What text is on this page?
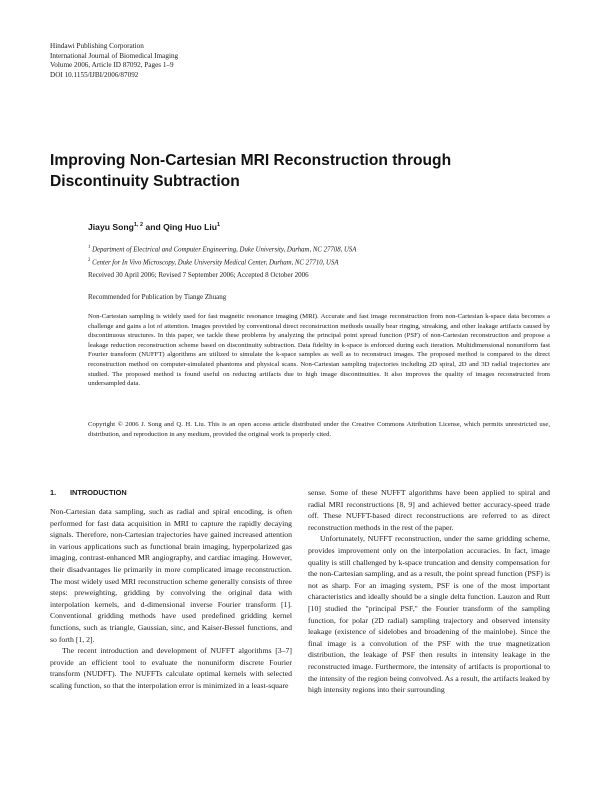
Hindawi Publishing Corporation
International Journal of Biomedical Imaging
Volume 2006, Article ID 87092, Pages 1–9
DOI 10.1155/IJBI/2006/87092
Improving Non-Cartesian MRI Reconstruction through Discontinuity Subtraction
Jiayu Song$^{1, 2}$ and Qing Huo Liu$^1$
$^1$ Department of Electrical and Computer Engineering, Duke University, Durham, NC 27708, USA
$^2$ Center for In Vivo Microscopy, Duke University Medical Center, Durham, NC 27710, USA
Received 30 April 2006; Revised 7 September 2006; Accepted 8 October 2006
Recommended for Publication by Tiange Zhuang
Non-Cartesian sampling is widely used for fast magnetic resonance imaging (MRI). Accurate and fast image reconstruction from non-Cartesian k-space data becomes a challenge and gains a lot of attention. Images provided by conventional direct reconstruction methods usually bear ringing, streaking, and other leakage artifacts caused by discontinuous structures. In this paper, we tackle these problems by analyzing the principal point spread function (PSF) of non-Cartesian reconstruction and propose a leakage reduction reconstruction scheme based on discontinuity subtraction. Data fidelity in k-space is enforced during each iteration. Multidimensional nonuniform fast Fourier transform (NUFFT) algorithms are utilized to simulate the k-space samples as well as to reconstruct images. The proposed method is compared to the direct reconstruction method on computer-simulated phantoms and physical scans. Non-Cartesian sampling trajectories including 2D spiral, 2D and 3D radial trajectories are studied. The proposed method is found useful on reducing artifacts due to high image discontinuities. It also improves the quality of images reconstructed from undersampled data.
Copyright © 2006 J. Song and Q. H. Liu. This is an open access article distributed under the Creative Commons Attribution License, which permits unrestricted use, distribution, and reproduction in any medium, provided the original work is properly cited.
1. INTRODUCTION

Non-Cartesian data sampling, such as radial and spiral encoding, is often performed for fast data acquisition in MRI to capture the rapidly decaying signals. Therefore, non-Cartesian trajectories have gained increased attention in various applications such as functional brain imaging, hyperpolarized gas imaging, contrast-enhanced MR angiography, and cardiac imaging. However, their disadvantages lie primarily in more complicated image reconstruction. The most widely used MRI reconstruction scheme generally consists of three steps: preweighting, gridding by convolving the original data with interpolation kernels, and d-dimensional inverse Fourier transform [1]. Conventional gridding methods have used predefined gridding kernel functions, such as triangle, Gaussian, sinc, and Kaiser-Bessel functions, and so forth [1, 2].

The recent introduction and development of NUFFT algorithms [3–7] provide an efficient tool to evaluate the nonuniform discrete Fourier transform (NUDFT). The NUFFTs calculate optimal kernels with selected scaling function, so that the interpolation error is minimized in a least-square

sense. Some of these NUFFT algorithms have been applied to spiral and radial MRI reconstructions [8, 9] and achieved better accuracy-speed trade off. These NUFFT-based direct reconstructions are referred to as direct reconstruction methods in the rest of the paper.

Unfortunately, NUFFT reconstruction, under the same gridding scheme, provides improvement only on the interpolation accuracies. In fact, image quality is still challenged by k-space truncation and density compensation for the non-Cartesian sampling, and as a result, the point spread function (PSF) is not as sharp. For an imaging system, PSF is one of the most important characteristics and ideally should be a single delta function. Lauzon and Rutt [10] studied the "principal PSF," the Fourier transform of the sampling function, for polar (2D radial) sampling trajectory and observed intensity leakage (existence of sidelobes and broadening of the mainlobe). Since the final image is a convolution of the PSF with the true magnetization distribution, the leakage of PSF then results in intensity leakage in the reconstructed image. Furthermore, the intensity of artifacts is proportional to the intensity of the region being convolved. As a result, the artifacts leaked by high intensity regions into their surrounding
